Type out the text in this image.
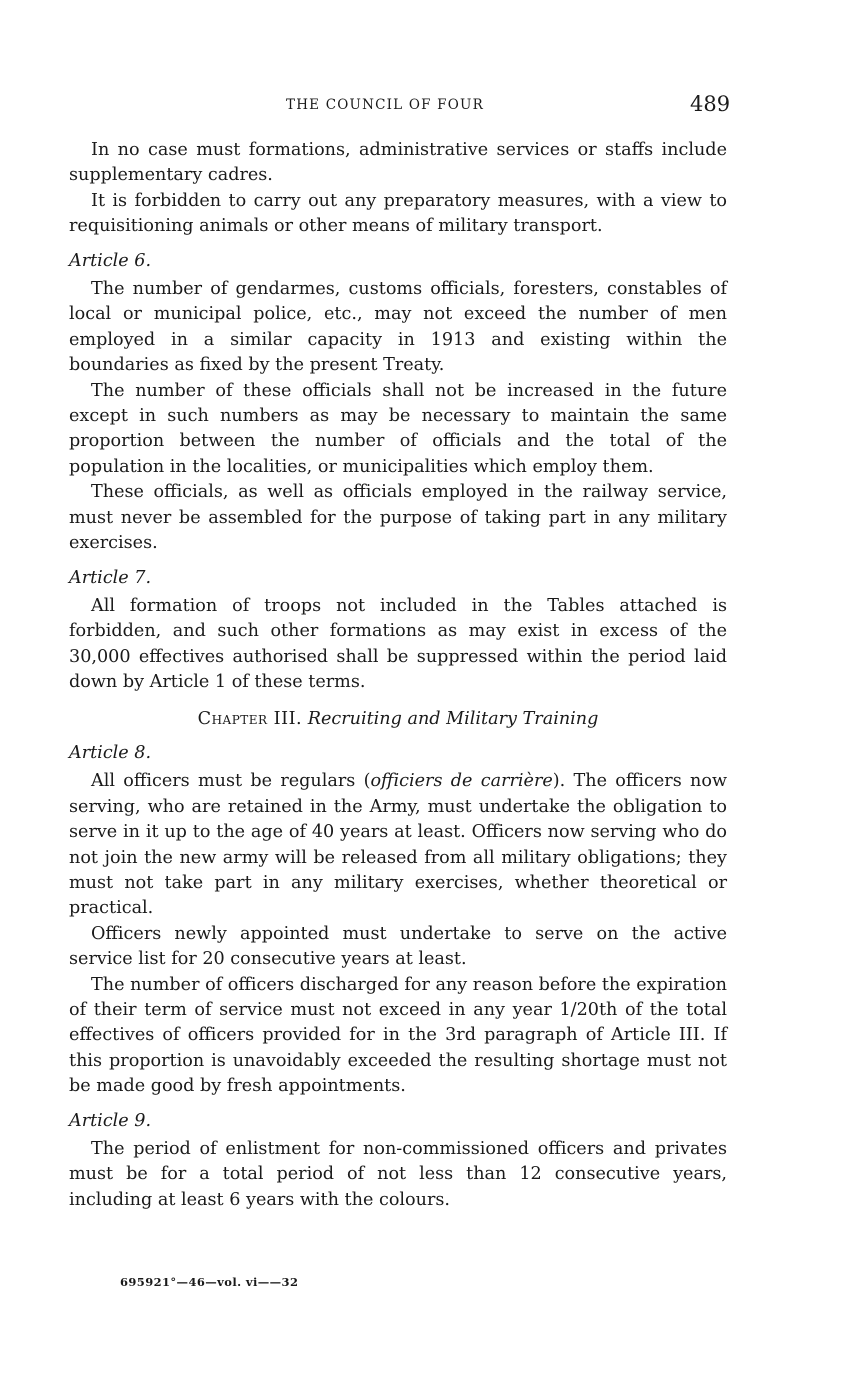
THE COUNCIL OF FOUR	489

In no case must formations, administrative services or staffs include supplementary cadres.

It is forbidden to carry out any preparatory measures, with a view to requisitioning animals or other means of military transport.

Article 6.

The number of gendarmes, customs officials, foresters, constables of local or municipal police, etc., may not exceed the number of men employed in a similar capacity in 1913 and existing within the boundaries as fixed by the present Treaty.

The number of these officials shall not be increased in the future except in such numbers as may be necessary to maintain the same proportion between the number of officials and the total of the population in the localities, or municipalities which employ them.

These officials, as well as officials employed in the railway service, must never be assembled for the purpose of taking part in any military exercises.

Article 7.

All formation of troops not included in the Tables attached is forbidden, and such other formations as may exist in excess of the 30,000 effectives authorised shall be suppressed within the period laid down by Article 1 of these terms.

Chapter III. Recruiting and Military Training
Article 8.

All officers must be regulars (officiers de carrière). The officers now serving, who are retained in the Army, must undertake the obligation to serve in it up to the age of 40 years at least. Officers now serving who do not join the new army will be released from all military obligations; they must not take part in any military exercises, whether theoretical or practical.

Officers newly appointed must undertake to serve on the active service list for 20 consecutive years at least.

The number of officers discharged for any reason before the expiration of their term of service must not exceed in any year 1/20th of the total effectives of officers provided for in the 3rd paragraph of Article III. If this proportion is unavoidably exceeded the resulting shortage must not be made good by fresh appointments.

Article 9.

The period of enlistment for non-commissioned officers and privates must be for a total period of not less than 12 consecutive years, including at least 6 years with the colours.

695921°—46—vol. vi——32
